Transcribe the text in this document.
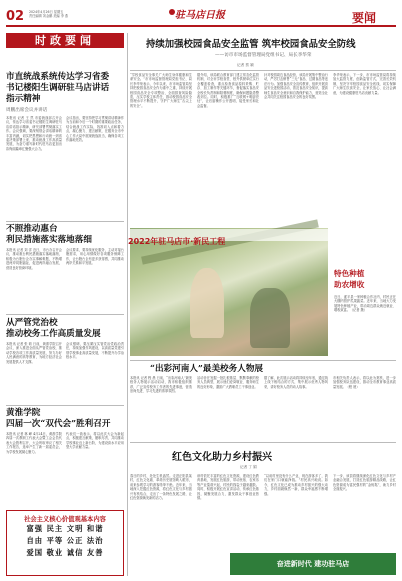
02 2024年4月26日 星期五
责任编辑 刘金鹏 美编 李 燕	驻马店日报	要闻
时政要闻	持续加强校园食品安全监管 筑牢校园食品安全防线
——访市市场监督管理局党组书记、局长李华荣
记者 蔡 颖
市直统战系统传达学习省委
书记楼阳生调研驻马店讲话
指示精神
周鹏出席会议并讲话
本报讯 记者 王 然 市委统战部召开会议，传达学习省委书记楼阳生调研驻马店讲话指示精神，研究部署贯彻落实工作。会议强调，要深刻领会讲话精神的丰富内涵，切实把思想和行动统一到省委决策部署上来，推动统战工作高质量发展，为奋力谱写新时代驻马店更加出彩绚丽篇章汇聚强大合力。
会议指出，要坚持把学习贯彻讲话精神作为当前和今后一个时期的重要政治任务，结合统战工作实际，找准切入点和着力点，凝心聚力、建言献策，在服务全市中心工作大局中展现统战担当，确保各项工作落地见效。
不照推动惠台
利民措施落实落地落细
本报讯 记者 刘 洋 近日，市台办召开会议，推动惠台利民措施落实落地落细，积极为台胞台企办实事解难题，不断增进两岸同胞福祉，促进两岸融合发展，营造良好营商环境。
会议要求，要持续优化服务，主动对接台胞需求，用心用情做好各项服务保障工作，让台胞台企有更多获得感，共同推动两岸关系和平发展。
从严管党治校
推动校务工作高质量发展
本报讯 记者 张 莉 日前，黄淮学院召开会议，深入推进全面从严管党治校，推动学校各项工作高质量发展，努力办好人民满意的高等教育，为地方经济社会发展提供人才支撑。
会议强调，要压紧压实管党治党政治责任，持续加强作风建设，以高质量党建引领学校事业高质量发展，不断提升办学治校水平。
黄淮学院
四届一次“双代会”胜利召开
本报讯 记者 林 峰 4月24日，黄淮学院四届一次教职工代表大会暨工会会员代表大会胜利召开，大会听取审议了相关工作报告，选举产生了新一届委员会，为学校发展凝心聚力。
代表们一致表示，将以此次大会为新起点，积极建言献策，履职尽责，共同推动学校事业迈上新台阶，为建设高水平应用型大学贡献力量。
社会主义核心价值观基本内容
富强 民主 文明 和谐
自由 平等 公正 法治
爱国 敬业 诚信 友善
“学校食品安全事关广大师生身体健康和生命安全。”市市场监督管理局党组书记、局长李华荣表示，今年以来，市市场监管局坚持把校园食品安全作为重中之重，持续开展校园食品安全专项整治，全面排查风险隐患，压实学校主体责任，推动校园食品安全管理水平不断提升，守护广大师生“舌尖上的安全”。
据介绍，该局联合教育部门建立常态化监管机制，对全市学校食堂、校外供餐单位实行全覆盖检查，重点检查食品原料采购、贮存、加工制作等关键环节，督促落实食品安全校长负责制和陪餐制度，确保问题隐患整改到位。同时，积极推广“互联网+明厨亮灶”，让后厨操作公开透明，接受家长和社会监督。
针对校园周边食品经营，该局开展集中整治行动，严厉打击销售“三无”食品、过期食品等违法行为。加强食品安全宣传教育，组织开展食品安全进校园活动，普及食品安全知识，提高师生食品安全意识和自我保护能力，营造全社会共同关注校园食品安全的良好氛围。
李华荣表示，下一步，市市场监管局将持续加大监管力度，创新监管方式，完善长效机制，坚决守牢校园食品安全底线，切实保障广大师生饮食安全，让家长放心、让社会满意，为建设健康驻马店贡献力量。
2022年驻马店市·新民工程
特色种植
助农增收
近日，遂平县一家种植合作社内，村民正在大棚内管护瓜果蔬菜。近年来，当地大力发展特色种植产业，带动周边群众就近就业、增收致富。（记者 摄）
“出彩河南人”最美校务人物展
本报讯 记者 程 晨 日前，“出彩河南人”最美校务人物展示活动启动，我市积极组织推荐，广泛宣传校务工作者的先进事迹，营造崇尚先进、学习先进的浓厚氛围。
活动旨在发掘一批扎根基层、默默奉献的校务人员典型，展示他们爱岗敬业、服务师生的良好形象，激励广大教职员工干事创业。
据了解，此次展示活动将持续至年底，通过线上线下相结合的方式，集中展示优秀人物风采，讲好校务人员的动人故事。
市相关负责人表示，将以此为契机，进一步加强校务队伍建设，推动全市教育事业高质量发展。（程 晨）
红色文化助力乡村振兴
记者 丁 娟
春日的乡村，处处生机盎然。走进正阳县某村，红色文化墙、革命历史展馆映入眼帘，前来参观学习的游客络绎不绝。近年来，当地深入挖掘红色资源，将红色文化与乡村振兴有机结合，走出了一条特色发展之路，让红色资源焕发新的活力。
该村依托丰富的红色文化资源，建设红色教育基地，发展红色旅游，带动民宿、农家乐等产业蓬勃兴起，村民的钱袋子越来越鼓。同时，积极开展红色宣讲活动，传承红色基因，凝聚发展合力，激发群众干事创业热情。
“以前村里没有什么产业，现在游客多了，我们在家门口就能挣钱。”村民高兴地说。如今，红色文化已成为推动乡村振兴的强大动力，乡村面貌焕然一新，群众幸福感不断增强。
下一步，该县将继续深化红色文化与乡村产业融合发展，打造红色旅游精品线路，让红色资源成为富民强村的“金钥匙”，助力乡村全面振兴。
奋进新时代 建功驻马店
